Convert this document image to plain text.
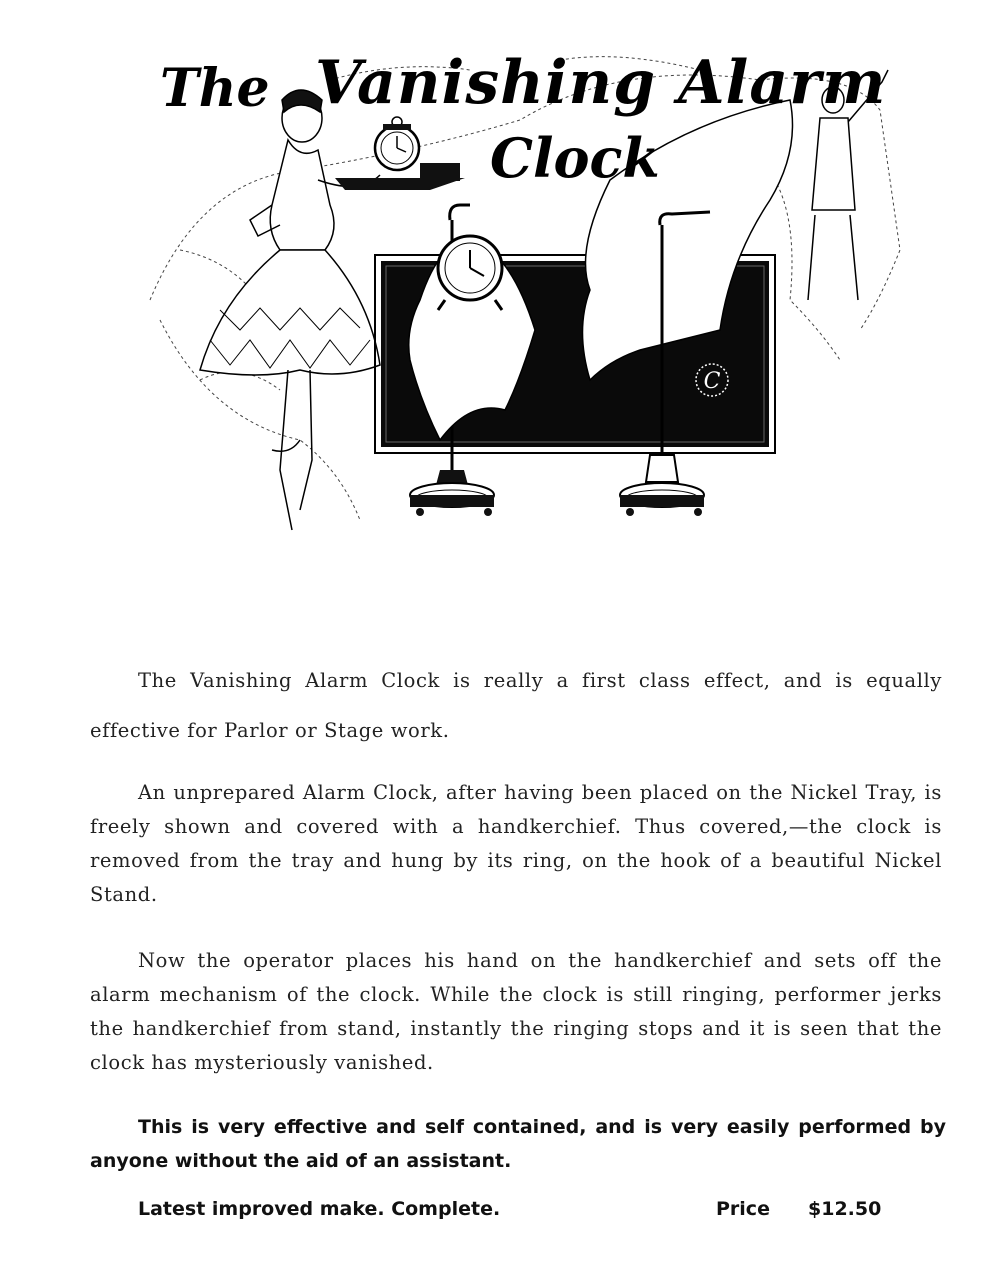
C
The Vanishing Alarm
Clock
The Vanishing Alarm Clock is really a first class effect, and is equally effective for Parlor or Stage work.
An unprepared Alarm Clock, after having been placed on the Nickel Tray, is freely shown and covered with a handkerchief. Thus covered,—the clock is removed from the tray and hung by its ring, on the hook of a beautiful Nickel Stand.
Now the operator places his hand on the handkerchief and sets off the alarm mechanism of the clock. While the clock is still ringing, performer jerks the handkerchief from stand, instantly the ringing stops and it is seen that the clock has mysteriously vanished.
This is very effective and self contained, and is very easily performed by anyone without the aid of an assistant.
Latest improved make. Complete.	Price $12.50
